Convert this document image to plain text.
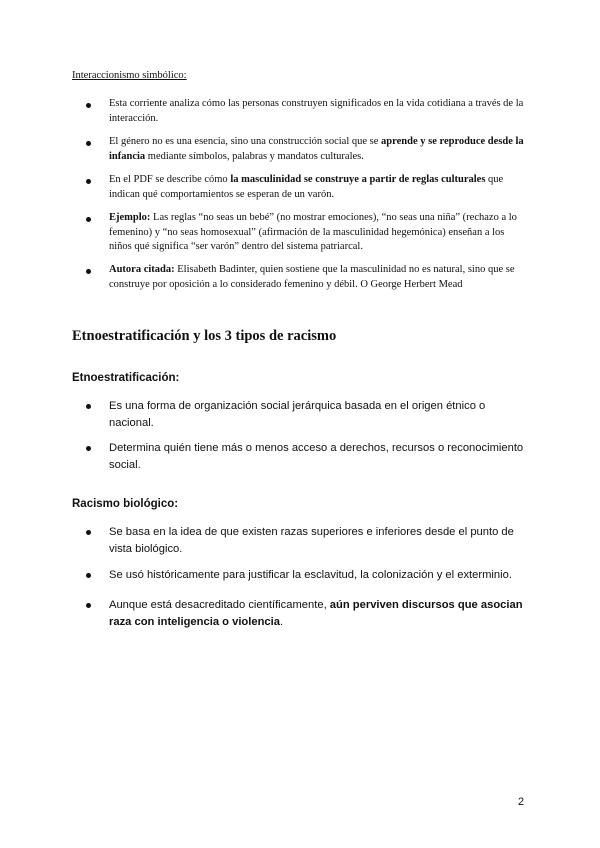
Interaccionismo simbólico:
Esta corriente analiza cómo las personas construyen significados en la vida cotidiana a través de la interacción.
El género no es una esencia, sino una construcción social que se aprende y se reproduce desde la infancia mediante símbolos, palabras y mandatos culturales.
En el PDF se describe cómo la masculinidad se construye a partir de reglas culturales que indican qué comportamientos se esperan de un varón.
Ejemplo: Las reglas “no seas un bebé” (no mostrar emociones), “no seas una niña” (rechazo a lo femenino) y “no seas homosexual” (afirmación de la masculinidad hegemónica) enseñan a los niños qué significa “ser varón” dentro del sistema patriarcal.
Autora citada: Elisabeth Badinter, quien sostiene que la masculinidad no es natural, sino que se construye por oposición a lo considerado femenino y débil. O George Herbert Mead
Etnoestratificación y los 3 tipos de racismo
Etnoestratificación:
Es una forma de organización social jerárquica basada en el origen étnico o nacional.
Determina quién tiene más o menos acceso a derechos, recursos o reconocimiento social.
Racismo biológico:
Se basa en la idea de que existen razas superiores e inferiores desde el punto de vista biológico.
Se usó históricamente para justificar la esclavitud, la colonización y el exterminio.
Aunque está desacreditado científicamente, aún perviven discursos que asocian raza con inteligencia o violencia.
2
